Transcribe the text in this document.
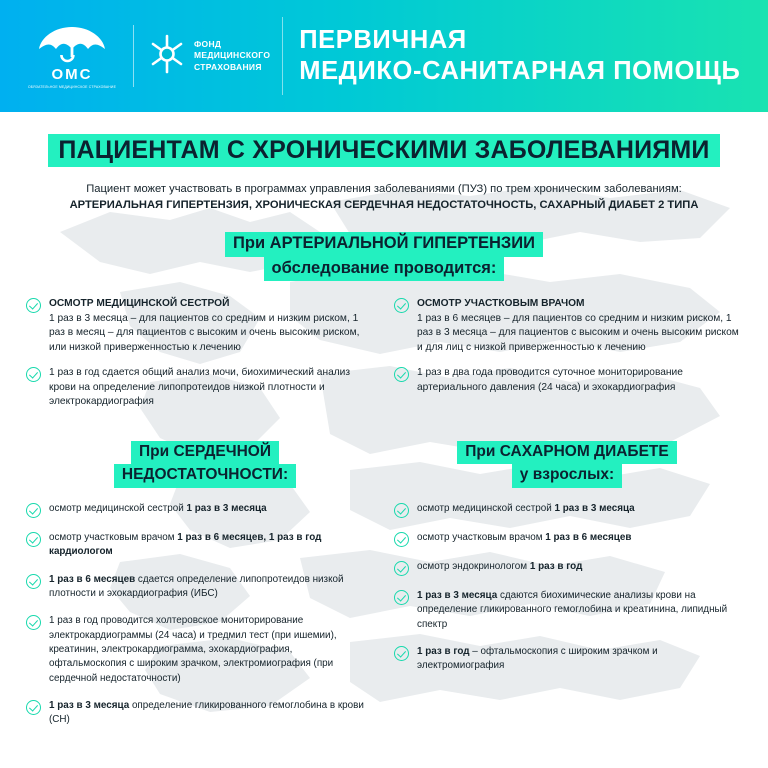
ОМС
ОБЯЗАТЕЛЬНОЕ МЕДИЦИНСКОЕ СТРАХОВАНИЕ
ФОНД
МЕДИЦИНСКОГО
СТРАХОВАНИЯ
ПЕРВИЧНАЯ
МЕДИКО-САНИТАРНАЯ ПОМОЩЬ
ПАЦИЕНТАМ С ХРОНИЧЕСКИМИ ЗАБОЛЕВАНИЯМИ
Пациент может участвовать в программах управления заболеваниями (ПУЗ) по трем хроническим заболеваниям:
АРТЕРИАЛЬНАЯ ГИПЕРТЕНЗИЯ, ХРОНИЧЕСКАЯ СЕРДЕЧНАЯ НЕДОСТАТОЧНОСТЬ, САХАРНЫЙ ДИАБЕТ 2 ТИПА
При АРТЕРИАЛЬНОЙ ГИПЕРТЕНЗИИ
обследование проводится:
ОСМОТР МЕДИЦИНСКОЙ СЕСТРОЙ
1 раз в 3 месяца – для пациентов со средним и низким риском, 1 раз в месяц – для пациентов с высоким и очень высоким риском, или низкой приверженностью к лечению
1 раз в год сдается общий анализ мочи, биохимический анализ крови на определение липопротеидов низкой плотности и электрокардиография
ОСМОТР УЧАСТКОВЫМ ВРАЧОМ
1 раз в 6 месяцев – для пациентов со средним и низким риском, 1 раз в 3 месяца – для пациентов с высоким и очень высоким риском и для лиц с низкой приверженностью к лечению
1 раз в два года проводится суточное мониторирование артериального давления (24 часа) и эхокардиография
При СЕРДЕЧНОЙ
НЕДОСТАТОЧНОСТИ:
При САХАРНОМ ДИАБЕТЕ
у взрослых:
осмотр медицинской сестрой 1 раз в 3 месяца
осмотр участковым врачом 1 раз в 6 месяцев, 1 раз в год кардиологом
1 раз в 6 месяцев сдается определение липопротеидов низкой плотности и эхокардиография (ИБС)
1 раз в год проводится холтеровское мониторирование электрокардиограммы (24 часа) и тредмил тест (при ишемии), креатинин, электрокардиограмма, эхокардиография, офтальмоскопия с широким зрачком, электромиография (при сердечной недостаточности)
1 раз в 3 месяца определение гликированного гемоглобина в крови (СН)
осмотр медицинской сестрой 1 раз в 3 месяца
осмотр участковым врачом 1 раз в 6 месяцев
осмотр эндокринологом 1 раз в год
1 раз в 3 месяца сдаются биохимические анализы крови на определение гликированного гемоглобина и креатинина, липидный спектр
1 раз в год – офтальмоскопия с широким зрачком и электромиография
